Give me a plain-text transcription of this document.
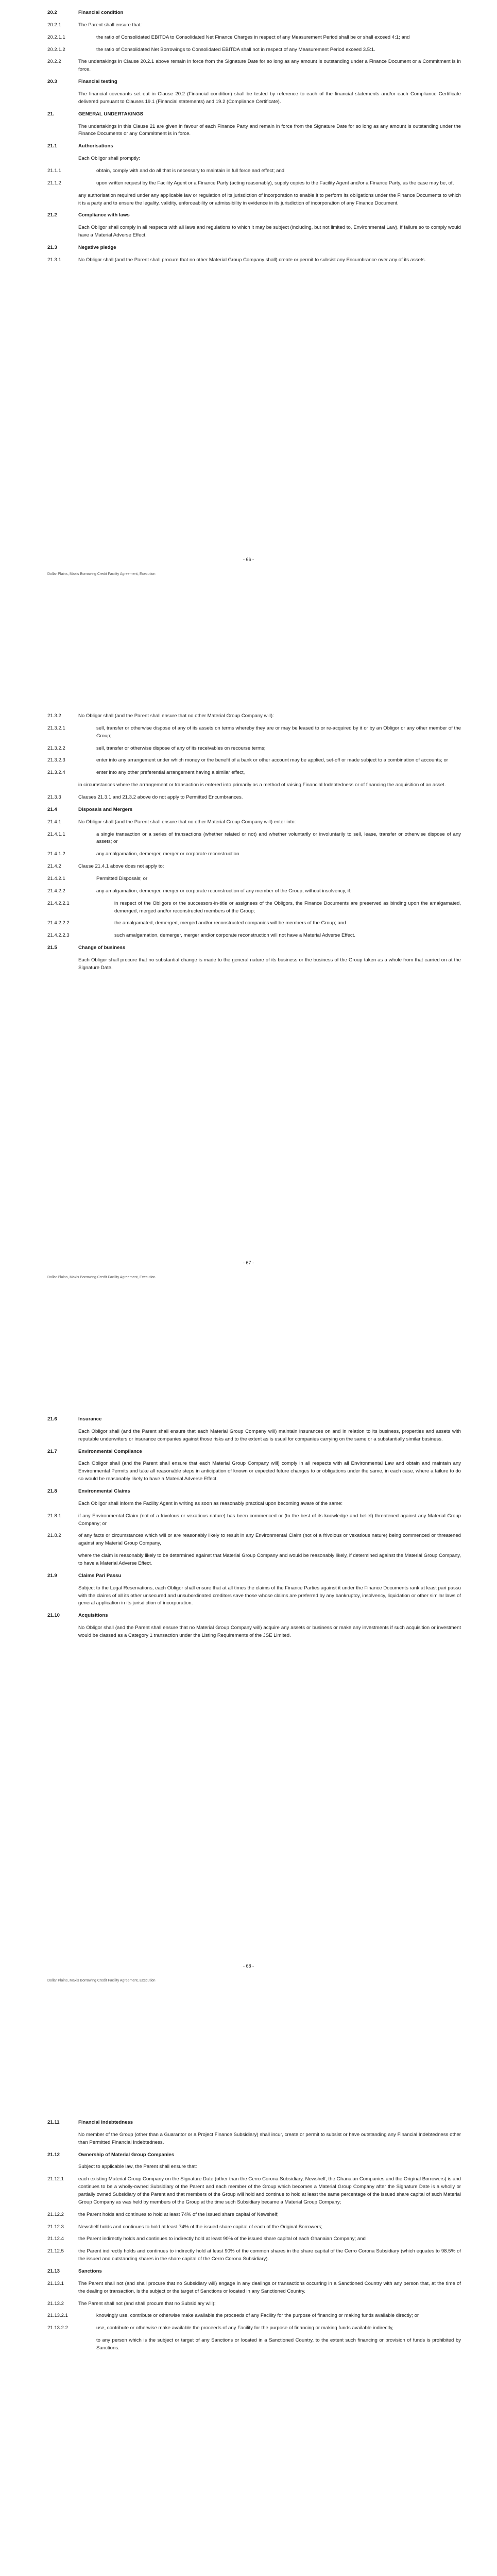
20.2	Financial condition
20.2.1	The Parent shall ensure that:
20.2.1.1	the ratio of Consolidated EBITDA to Consolidated Net Finance Charges in respect of any Measurement Period shall be or shall exceed 4:1; and
20.2.1.2	the ratio of Consolidated Net Borrowings to Consolidated EBITDA shall not in respect of any Measurement Period exceed 3.5:1.
20.2.2	The undertakings in Clause 20.2.1 above remain in force from the Signature Date for so long as any amount is outstanding under a Finance Document or a Commitment is in force.
20.3	Financial testing
The financial covenants set out in Clause 20.2 (Financial condition) shall be tested by reference to each of the financial statements and/or each Compliance Certificate delivered pursuant to Clauses 19.1 (Financial statements) and 19.2 (Compliance Certificate).
21.	GENERAL UNDERTAKINGS
The undertakings in this Clause 21 are given in favour of each Finance Party and remain in force from the Signature Date for so long as any amount is outstanding under the Finance Documents or any Commitment is in force.
21.1	Authorisations
Each Obligor shall promptly:
21.1.1	obtain, comply with and do all that is necessary to maintain in full force and effect; and
21.1.2	upon written request by the Facility Agent or a Finance Party (acting reasonably), supply copies to the Facility Agent and/or a Finance Party, as the case may be, of,
any authorisation required under any applicable law or regulation of its jurisdiction of incorporation to enable it to perform its obligations under the Finance Documents to which it is a party and to ensure the legality, validity, enforceability or admissibility in evidence in its jurisdiction of incorporation of any Finance Document.
21.2	Compliance with laws
Each Obligor shall comply in all respects with all laws and regulations to which it may be subject (including, but not limited to, Environmental Law), if failure so to comply would have a Material Adverse Effect.
21.3	Negative pledge
21.3.1	No Obligor shall (and the Parent shall procure that no other Material Group Company shall) create or permit to subsist any Encumbrance over any of its assets.
- 66 -
Dollar Plains, Maxis Borrowing Credit Facility Agreement, Execution
21.3.2	No Obligor shall (and the Parent shall ensure that no other Material Group Company will):
21.3.2.1	sell, transfer or otherwise dispose of any of its assets on terms whereby they are or may be leased to or re-acquired by it or by an Obligor or any other member of the Group;
21.3.2.2	sell, transfer or otherwise dispose of any of its receivables on recourse terms;
21.3.2.3	enter into any arrangement under which money or the benefit of a bank or other account may be applied, set-off or made subject to a combination of accounts; or
21.3.2.4	enter into any other preferential arrangement having a similar effect,
in circumstances where the arrangement or transaction is entered into primarily as a method of raising Financial Indebtedness or of financing the acquisition of an asset.
21.3.3	Clauses 21.3.1 and 21.3.2 above do not apply to Permitted Encumbrances.
21.4	Disposals and Mergers
21.4.1	No Obligor shall (and the Parent shall ensure that no other Material Group Company will) enter into:
21.4.1.1	a single transaction or a series of transactions (whether related or not) and whether voluntarily or involuntarily to sell, lease, transfer or otherwise dispose of any assets; or
21.4.1.2	any amalgamation, demerger, merger or corporate reconstruction.
21.4.2	Clause 21.4.1 above does not apply to:
21.4.2.1	Permitted Disposals; or
21.4.2.2	any amalgamation, demerger, merger or corporate reconstruction of any member of the Group, without insolvency, if:
21.4.2.2.1	in respect of the Obligors or the successors-in-title or assignees of the Obligors, the Finance Documents are preserved as binding upon the amalgamated, demerged, merged and/or reconstructed members of the Group;
21.4.2.2.2	the amalgamated, demerged, merged and/or reconstructed companies will be members of the Group; and
21.4.2.2.3	such amalgamation, demerger, merger and/or corporate reconstruction will not have a Material Adverse Effect.
21.5	Change of business
Each Obligor shall procure that no substantial change is made to the general nature of its business or the business of the Group taken as a whole from that carried on at the Signature Date.
- 67 -
Dollar Plains, Maxis Borrowing Credit Facility Agreement, Execution
21.6	Insurance
Each Obligor shall (and the Parent shall ensure that each Material Group Company will) maintain insurances on and in relation to its business, properties and assets with reputable underwriters or insurance companies against those risks and to the extent as is usual for companies carrying on the same or a substantially similar business.
21.7	Environmental Compliance
Each Obligor shall (and the Parent shall ensure that each Material Group Company will) comply in all respects with all Environmental Law and obtain and maintain any Environmental Permits and take all reasonable steps in anticipation of known or expected future changes to or obligations under the same, in each case, where a failure to do so would be reasonably likely to have a Material Adverse Effect.
21.8	Environmental Claims
Each Obligor shall inform the Facility Agent in writing as soon as reasonably practical upon becoming aware of the same:
21.8.1	if any Environmental Claim (not of a frivolous or vexatious nature) has been commenced or (to the best of its knowledge and belief) threatened against any Material Group Company; or
21.8.2	of any facts or circumstances which will or are reasonably likely to result in any Environmental Claim (not of a frivolous or vexatious nature) being commenced or threatened against any Material Group Company,
where the claim is reasonably likely to be determined against that Material Group Company and would be reasonably likely, if determined against the Material Group Company, to have a Material Adverse Effect.
21.9	Claims Pari Passu
Subject to the Legal Reservations, each Obligor shall ensure that at all times the claims of the Finance Parties against it under the Finance Documents rank at least pari passu with the claims of all its other unsecured and unsubordinated creditors save those whose claims are preferred by any bankruptcy, insolvency, liquidation or other similar laws of general application in its jurisdiction of incorporation.
21.10	Acquisitions
No Obligor shall (and the Parent shall ensure that no Material Group Company will) acquire any assets or business or make any investments if such acquisition or investment would be classed as a Category 1 transaction under the Listing Requirements of the JSE Limited.
- 68 -
Dollar Plains, Maxis Borrowing Credit Facility Agreement, Execution
21.11	Financial Indebtedness
No member of the Group (other than a Guarantor or a Project Finance Subsidiary) shall incur, create or permit to subsist or have outstanding any Financial Indebtedness other than Permitted Financial Indebtedness.
21.12	Ownership of Material Group Companies
Subject to applicable law, the Parent shall ensure that:
21.12.1	each existing Material Group Company on the Signature Date (other than the Cerro Corona Subsidiary, Newshelf, the Ghanaian Companies and the Original Borrowers) is and continues to be a wholly-owned Subsidiary of the Parent and each member of the Group which becomes a Material Group Company after the Signature Date is a wholly or partially owned Subsidiary of the Parent and that members of the Group will hold and continue to hold at least the same percentage of the issued share capital of such Material Group Company as was held by members of the Group at the time such Subsidiary became a Material Group Company;
21.12.2	the Parent holds and continues to hold at least 74% of the issued share capital of Newshelf;
21.12.3	Newshelf holds and continues to hold at least 74% of the issued share capital of each of the Original Borrowers;
21.12.4	the Parent indirectly holds and continues to indirectly hold at least 90% of the issued share capital of each Ghanaian Company; and
21.12.5	the Parent indirectly holds and continues to indirectly hold at least 90% of the common shares in the share capital of the Cerro Corona Subsidiary (which equates to 98.5% of the issued and outstanding shares in the share capital of the Cerro Corona Subsidiary).
21.13	Sanctions
21.13.1	The Parent shall not (and shall procure that no Subsidiary will) engage in any dealings or transactions occurring in a Sanctioned Country with any person that, at the time of the dealing or transaction, is the subject or the target of Sanctions or located in any Sanctioned Country.
21.13.2	The Parent shall not (and shall procure that no Subsidiary will):
21.13.2.1	knowingly use, contribute or otherwise make available the proceeds of any Facility for the purpose of financing or making funds available directly; or
21.13.2.2	use, contribute or otherwise make available the proceeds of any Facility for the purpose of financing or making funds available indirectly,
to any person which is the subject or target of any Sanctions or located in a Sanctioned Country, to the extent such financing or provision of funds is prohibited by Sanctions.
